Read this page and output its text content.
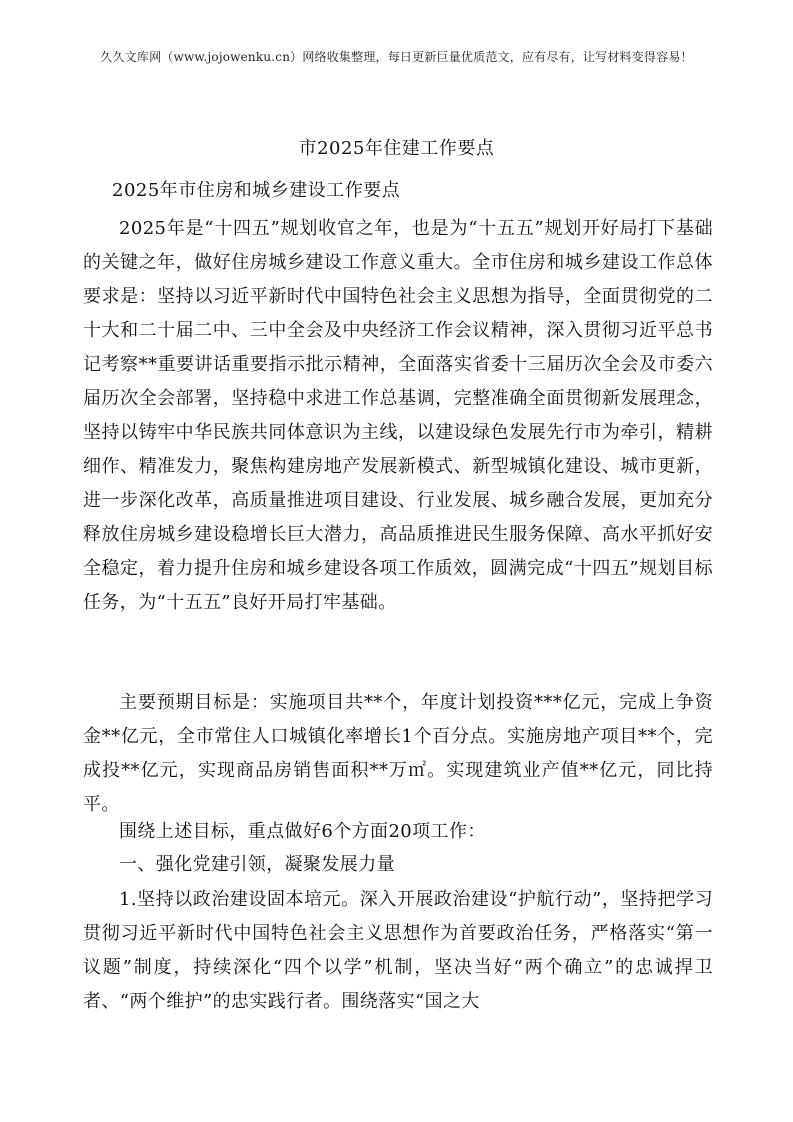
久久文库网（www.jojowenku.cn）网络收集整理，每日更新巨量优质范文，应有尽有，让写材料变得容易！
市2025年住建工作要点
2025年市住房和城乡建设工作要点

2025年是“十四五”规划收官之年，也是为“十五五”规划开好局打下基础的关键之年，做好住房城乡建设工作意义重大。全市住房和城乡建设工作总体要求是：坚持以习近平新时代中国特色社会主义思想为指导，全面贯彻党的二十大和二十届二中、三中全会及中央经济工作会议精神，深入贯彻习近平总书记考察**重要讲话重要指示批示精神，全面落实省委十三届历次全会及市委六届历次全会部署，坚持稳中求进工作总基调，完整准确全面贯彻新发展理念，坚持以铸牢中华民族共同体意识为主线，以建设绿色发展先行市为牵引，精耕细作、精准发力，聚焦构建房地产发展新模式、新型城镇化建设、城市更新，进一步深化改革，高质量推进项目建设、行业发展、城乡融合发展，更加充分释放住房城乡建设稳增长巨大潜力，高品质推进民生服务保障、高水平抓好安全稳定，着力提升住房和城乡建设各项工作质效，圆满完成“十四五”规划目标任务，为“十五五”良好开局打牢基础。

主要预期目标是：实施项目共**个，年度计划投资***亿元，完成上争资金**亿元，全市常住人口城镇化率增长1个百分点。实施房地产项目**个，完成投**亿元，实现商品房销售面积**万㎡。实现建筑业产值**亿元，同比持平。

围绕上述目标，重点做好6个方面20项工作：

一、强化党建引领，凝聚发展力量

1.坚持以政治建设固本培元。深入开展政治建设“护航行动”，坚持把学习贯彻习近平新时代中国特色社会主义思想作为首要政治任务，严格落实“第一议题”制度，持续深化“四个以学”机制，坚决当好“两个确立”的忠诚捍卫者、“两个维护”的忠实践行者。围绕落实“国之大
